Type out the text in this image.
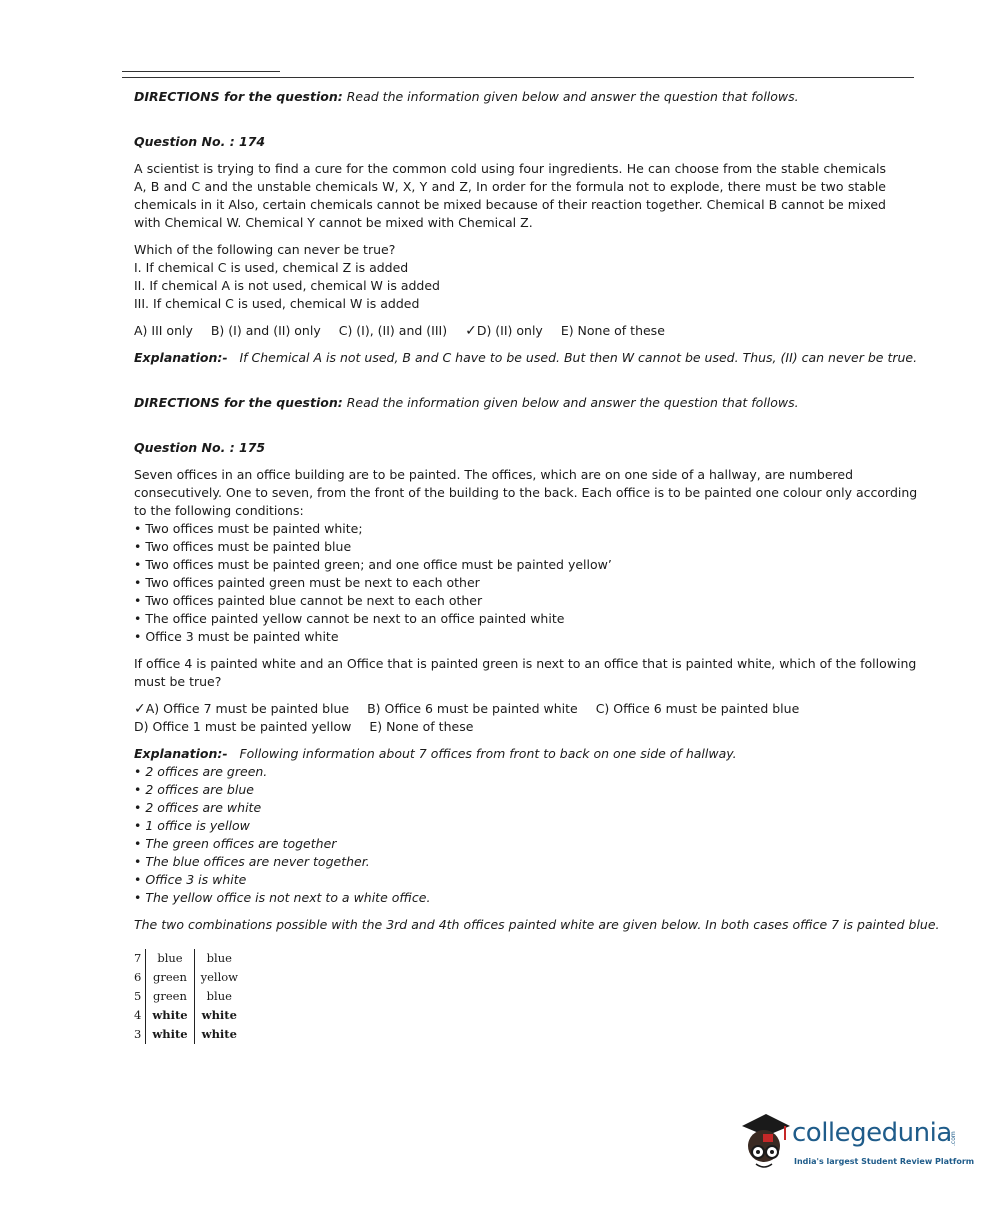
DIRECTIONS for the question: Read the information given below and answer the question that follows.
Question No. : 174
A scientist is trying to find a cure for the common cold using four ingredients. He can choose from the stable chemicals A, B and C and the unstable chemicals W, X, Y and Z, In order for the formula not to explode, there must be two stable chemicals in it Also, certain chemicals cannot be mixed because of their reaction together. Chemical B cannot be mixed with Chemical W. Chemical Y cannot be mixed with Chemical Z.
Which of the following can never be true?
I. If chemical C is used, chemical Z is added
II. If chemical A is not used, chemical W is added
III. If chemical C is used, chemical W is added
A) III only B) (I) and (II) only C) (I), (II) and (III) ✓D) (II) only E) None of these
Explanation:- If Chemical A is not used, B and C have to be used. But then W cannot be used. Thus, (II) can never be true.
DIRECTIONS for the question: Read the information given below and answer the question that follows.
Question No. : 175
Seven offices in an office building are to be painted. The offices, which are on one side of a hallway, are numbered
consecutively. One to seven, from the front of the building to the back. Each office is to be painted one colour only according
to the following conditions:
• Two offices must be painted white;
• Two offices must be painted blue
• Two offices must be painted green; and one office must be painted yellow’
• Two offices painted green must be next to each other
• Two offices painted blue cannot be next to each other
• The office painted yellow cannot be next to an office painted white
• Office 3 must be painted white
If office 4 is painted white and an Office that is painted green is next to an office that is painted white, which of the following
must be true?
✓A) Office 7 must be painted blue B) Office 6 must be painted white C) Office 6 must be painted blue
D) Office 1 must be painted yellow E) None of these
Explanation:- Following information about 7 offices from front to back on one side of hallway.
• 2 offices are green.
• 2 offices are blue
• 2 offices are white
• 1 office is yellow
• The green offices are together
• The blue offices are never together.
• Office 3 is white
• The yellow office is not next to a white office.
The two combinations possible with the 3rd and 4th offices painted white are given below. In both cases office 7 is painted blue.
7	blue	blue
6	green	yellow
5	green	blue
4	white	white
3	white	white
.com
collegedunia
India's largest Student Review Platform
